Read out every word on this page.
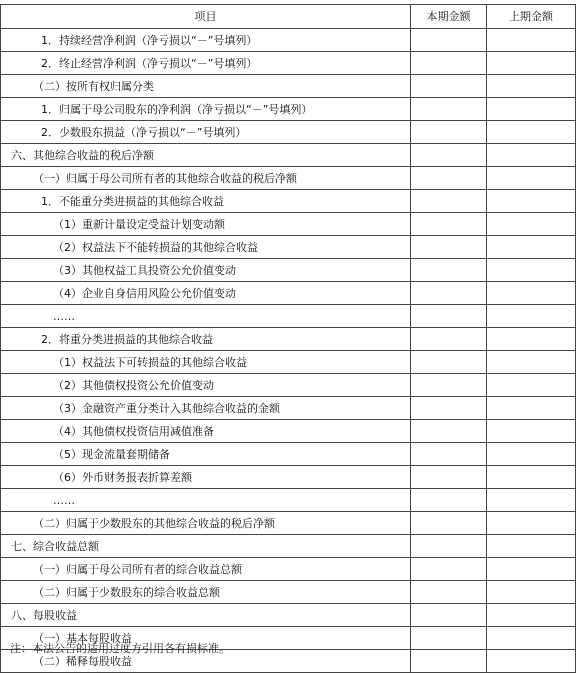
项目	本期金额	上期金额
1．持续经营净利润（净亏损以“－”号填列）		
2．终止经营净利润（净亏损以“－”号填列）		
（二）按所有权归属分类		
1．归属于母公司股东的净利润（净亏损以“－”号填列）		
2．少数股东损益（净亏损以“－”号填列）		
六、其他综合收益的税后净额		
（一）归属于母公司所有者的其他综合收益的税后净额		
1．不能重分类进损益的其他综合收益		
（1）重新计量设定受益计划变动额		
（2）权益法下不能转损益的其他综合收益		
（3）其他权益工具投资公允价值变动		
（4）企业自身信用风险公允价值变动		
……		
2．将重分类进损益的其他综合收益		
（1）权益法下可转损益的其他综合收益		
（2）其他债权投资公允价值变动		
（3）金融资产重分类计入其他综合收益的金额		
（4）其他债权投资信用减值准备		
（5）现金流量套期储备		
（6）外币财务报表折算差额		
……		
（二）归属于少数股东的其他综合收益的税后净额		
七、综合收益总额		
（一）归属于母公司所有者的综合收益总额		
（二）归属于少数股东的综合收益总额		
八、每股收益		
（一）基本每股收益		
（二）稀释每股收益		
注：本法公告的适用过度方引用各有损标准。
